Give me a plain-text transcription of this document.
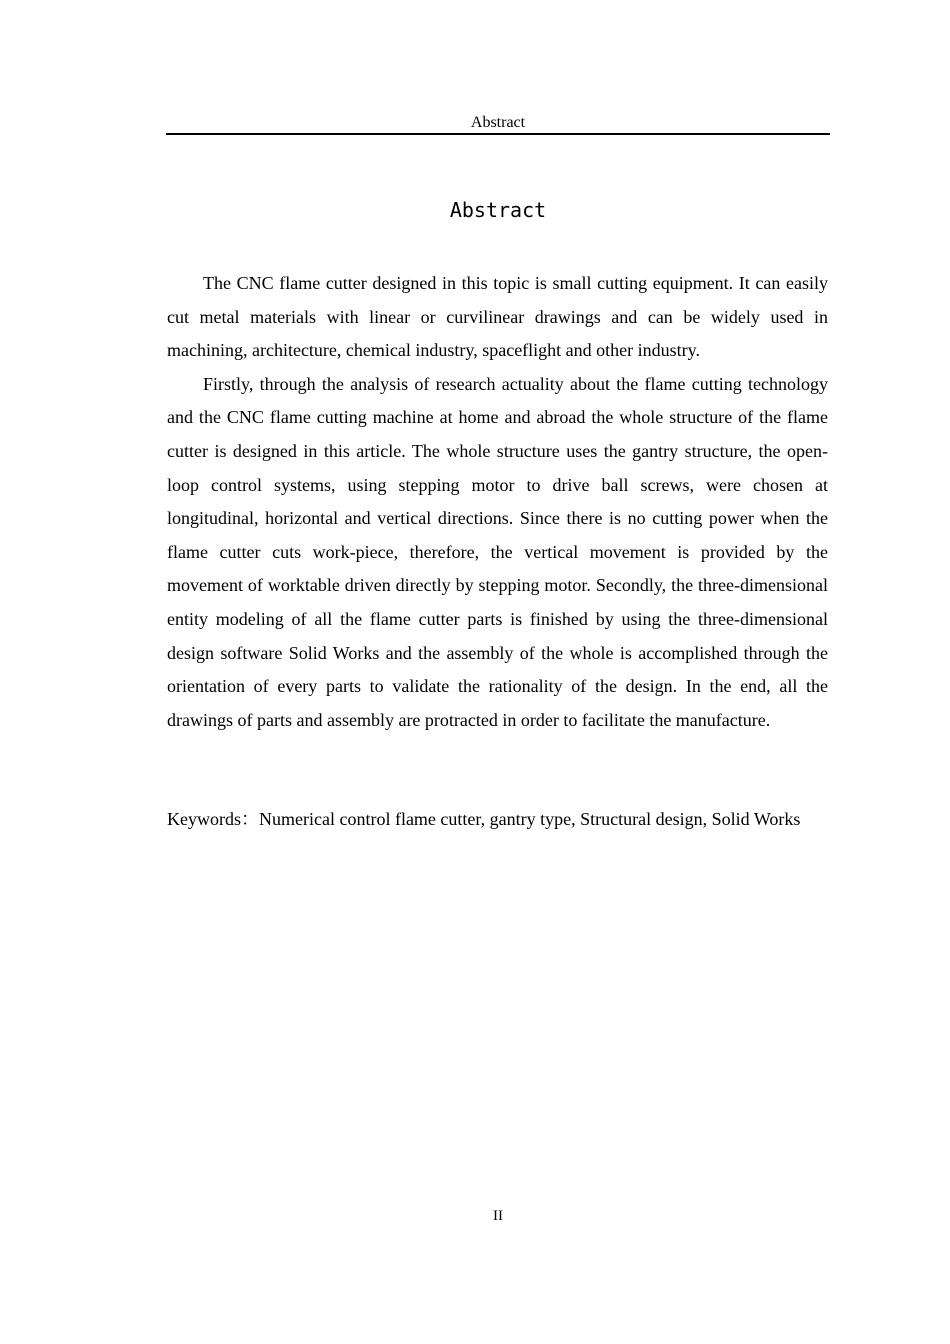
Abstract
Abstract

The CNC flame cutter designed in this topic is small cutting equipment. It can easily cut metal materials with linear or curvilinear drawings and can be widely used in machining, architecture, chemical industry, spaceflight and other industry.

Firstly, through the analysis of research actuality about the flame cutting technology and the CNC flame cutting machine at home and abroad the whole structure of the flame cutter is designed in this article. The whole structure uses the gantry structure, the open-loop control systems, using stepping motor to drive ball screws, were chosen at longitudinal, horizontal and vertical directions. Since there is no cutting power when the flame cutter cuts work-piece, therefore, the vertical movement is provided by the movement of worktable driven directly by stepping motor. Secondly, the three-dimensional entity modeling of all the flame cutter parts is finished by using the three-dimensional design software Solid Works and the assembly of the whole is accomplished through the orientation of every parts to validate the rationality of the design. In the end, all the drawings of parts and assembly are protracted in order to facilitate the manufacture.

Keywords：Numerical control flame cutter, gantry type, Structural design, Solid Works
II
